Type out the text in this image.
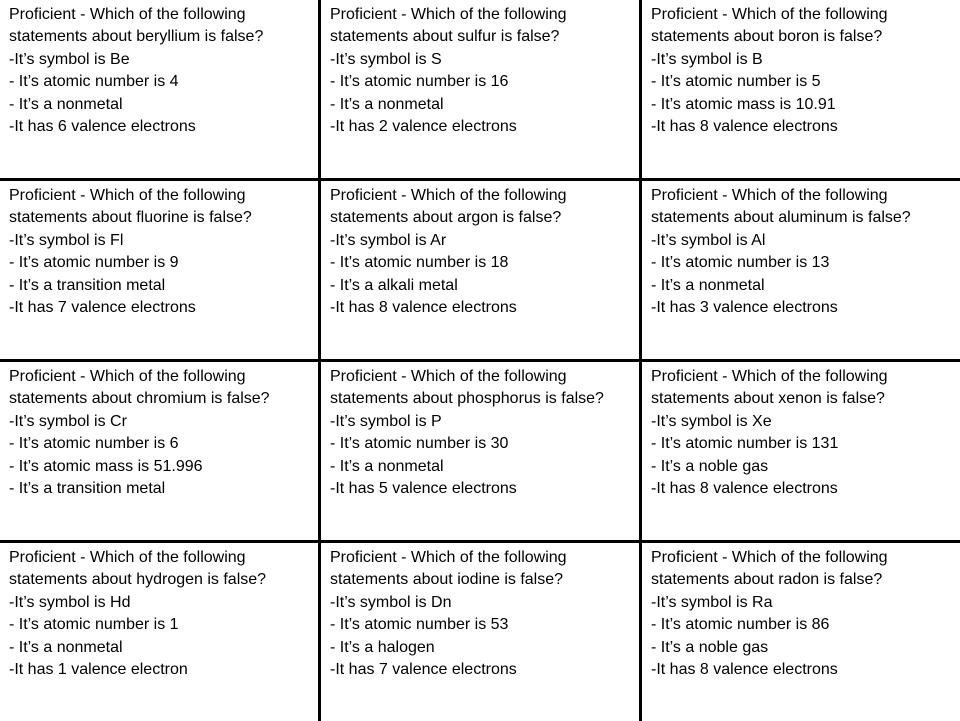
Proficient - Which of the following
statements about beryllium is false?
-It’s symbol is Be
- It’s atomic number is 4
- It’s a nonmetal
-It has 6 valence electrons
Proficient - Which of the following
statements about sulfur is false?
-It’s symbol is S
- It’s atomic number is 16
- It’s a nonmetal
-It has 2 valence electrons
Proficient - Which of the following
statements about boron is false?
-It’s symbol is B
- It’s atomic number is 5
- It’s atomic mass is 10.91
-It has 8 valence electrons
Proficient - Which of the following
statements about fluorine is false?
-It’s symbol is Fl
- It’s atomic number is 9
- It’s a transition metal
-It has 7 valence electrons
Proficient - Which of the following
statements about argon is false?
-It’s symbol is Ar
- It’s atomic number is 18
- It’s a alkali metal
-It has 8 valence electrons
Proficient - Which of the following
statements about aluminum is false?
-It’s symbol is Al
- It’s atomic number is 13
- It’s a nonmetal
-It has 3 valence electrons
Proficient - Which of the following
statements about chromium is false?
-It’s symbol is Cr
- It’s atomic number is 6
- It’s atomic mass is 51.996
- It’s a transition metal
Proficient - Which of the following
statements about phosphorus is false?
-It’s symbol is P
- It’s atomic number is 30
- It’s a nonmetal
-It has 5 valence electrons
Proficient - Which of the following
statements about xenon is false?
-It’s symbol is Xe
- It’s atomic number is 131
- It’s a noble gas
-It has 8 valence electrons
Proficient - Which of the following
statements about hydrogen is false?
-It’s symbol is Hd
- It’s atomic number is 1
- It’s a nonmetal
-It has 1 valence electron
Proficient - Which of the following
statements about iodine is false?
-It’s symbol is Dn
- It’s atomic number is 53
- It’s a halogen
-It has 7 valence electrons
Proficient - Which of the following
statements about radon is false?
-It’s symbol is Ra
- It’s atomic number is 86
- It’s a noble gas
-It has 8 valence electrons
